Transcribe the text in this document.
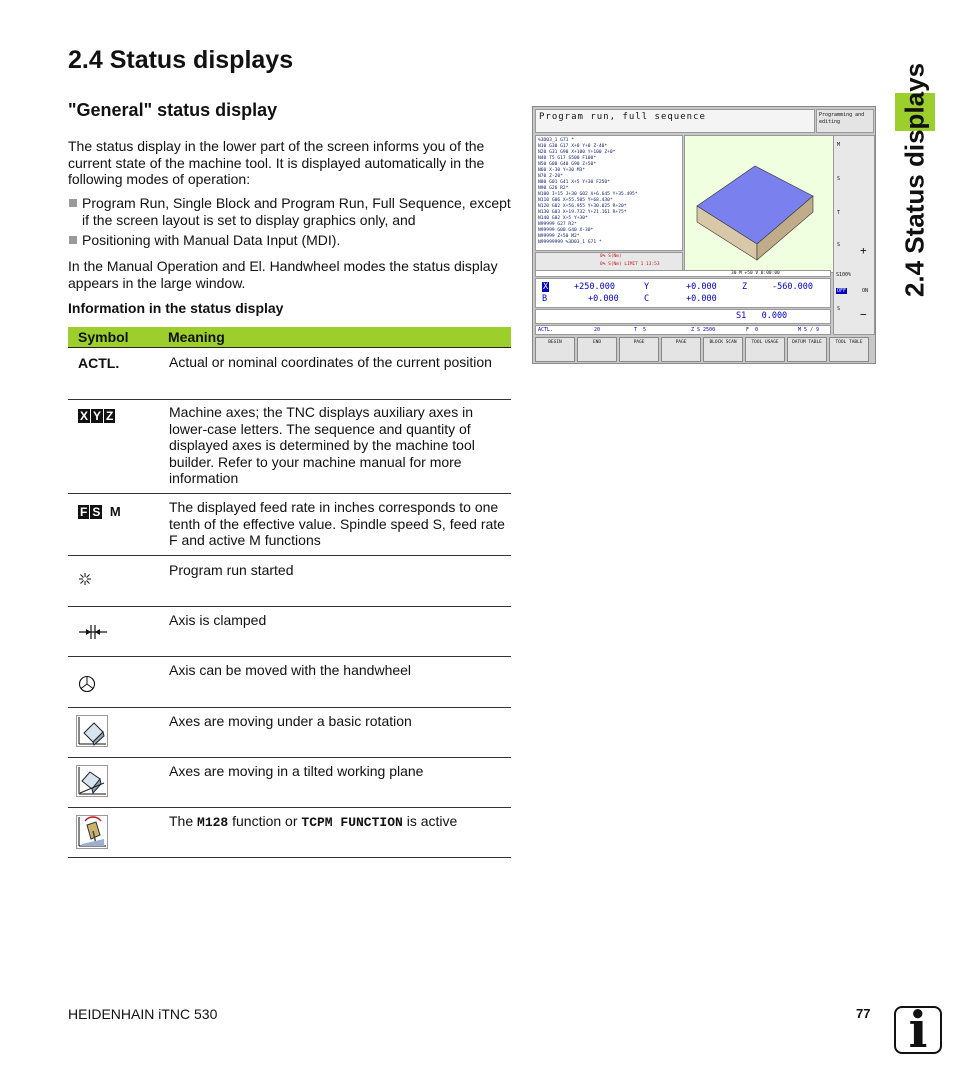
2.4 Status displays
2.4 Status displays
"General" status display
The status display in the lower part of the screen informs you of the current state of the machine tool. It is displayed automatically in the following modes of operation:
Program Run, Single Block and Program Run, Full Sequence, except if the screen layout is set to display graphics only, and
Positioning with Manual Data Input (MDI).
In the Manual Operation and El. Handwheel modes the status display appears in the large window.
Information in the status display
Symbol	Meaning
ACTL.	Actual or nominal coordinates of the current position
X Y Z	Machine axes; the TNC displays auxiliary axes in lower-case letters. The sequence and quantity of displayed axes is determined by the machine tool builder. Refer to your machine manual for more information
F S M	The displayed feed rate in inches corresponds to one tenth of the effective value. Spindle speed S, feed rate F and active M functions
Program run started
Axis is clamped
Axis can be moved with the handwheel
Axes are moving under a basic rotation
Axes are moving in a tilted working plane
The M128 function or TCPM FUNCTION is active
Program run, full sequence	Programming and editing
%3D03_1 G71 *
N10 G30 G17 X+0 Y+0 Z-40*
N20 G31 G90 X+100 Y+100 Z+0*
N40 T5 G17 S500 F100*
N50 G00 G40 G90 Z+50*
N60 X-30 Y+30 M3*
N70 Z-20*
N80 G01 G41 X+5 Y+30 F250*
N90 G26 R2*
N100 I+15 J+30 G02 X+6.645 Y+35.495*
N110 G06 X+55.505 Y+68.430*
N120 G02 X+56.955 Y+30.025 R+20*
N130 G03 X+19.732 Y+21.161 R+75*
N140 G02 X+5 Y+30*
N99999 G27 R2*
N99999 G00 G40 X-30*
N99999 Z+50 M2*
N99999999 %3D03_1 G71 *
0% S(Nm)
0% S(Nm) LIMIT 1 13:53
30 M +50 V 0:00:00
X	+250.000	Y	+0.000	Z	-560.000
B	+0.000	C	+0.000
S1   0.000
ACTL.	20	T  5	Z S 2500	F  0	M 5 / 9
M
S
T
S +
S100%
OFF	ON
S −
BEGIN	END	PAGE	PAGE	BLOCK SCAN	TOOL USAGE	DATUM TABLE	TOOL TABLE
HEIDENHAIN iTNC 530	77 i
